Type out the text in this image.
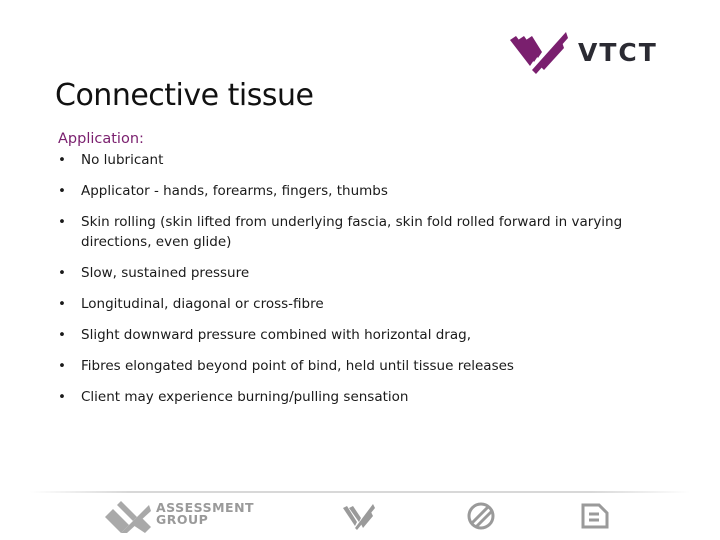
VTCT
Connective tissue
Application:
•	No lubricant
•	Applicator - hands, forearms, fingers, thumbs
•	Skin rolling (skin lifted from underlying fascia, skin fold rolled forward in varying directions, even glide)
•	Slow, sustained pressure
•	Longitudinal, diagonal or cross-fibre
•	Slight downward pressure combined with horizontal drag,
•	Fibres elongated beyond point of bind, held until tissue releases
•	Client may experience burning/pulling sensation
ASSESSMENT
GROUP
